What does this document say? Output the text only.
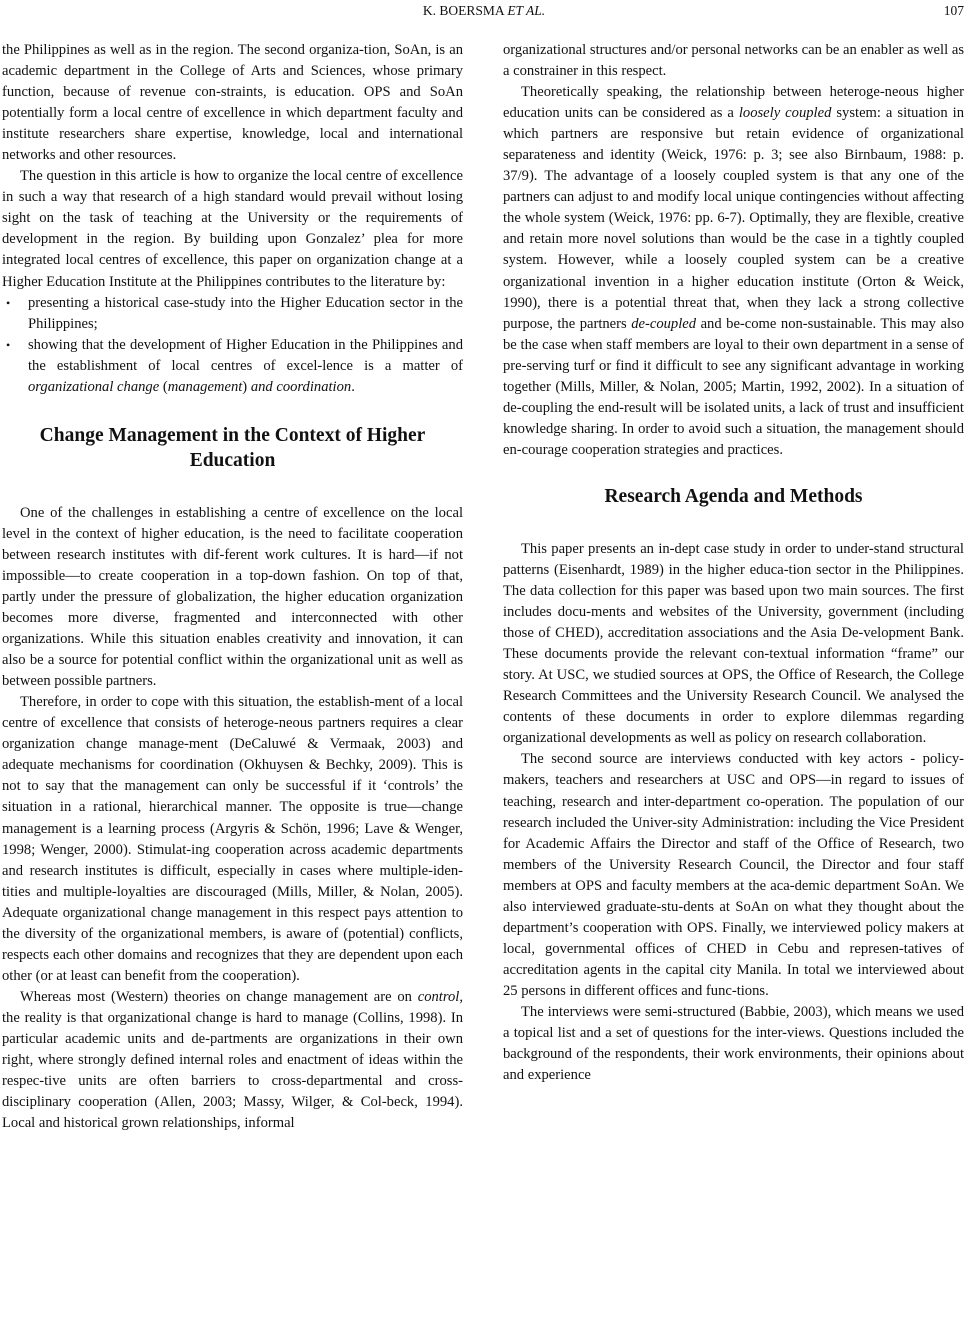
K. BOERSMA ET AL.	107

the Philippines as well as in the region. The second organiza-tion, SoAn, is an academic department in the College of Arts and Sciences, whose primary function, because of revenue con-straints, is education. OPS and SoAn potentially form a local centre of excellence in which department faculty and institute researchers share expertise, knowledge, local and international networks and other resources.

The question in this article is how to organize the local centre of excellence in such a way that research of a high standard would prevail without losing sight on the task of teaching at the University or the requirements of development in the region. By building upon Gonzalez’ plea for more integrated local centres of excellence, this paper on organization change at a Higher Education Institute at the Philippines contributes to the literature by:

• presenting a historical case-study into the Higher Education sector in the Philippines;
• showing that the development of Higher Education in the Philippines and the establishment of local centres of excel-lence is a matter of organizational change (management) and coordination.
Change Management in the Context of Higher Education

One of the challenges in establishing a centre of excellence on the local level in the context of higher education, is the need to facilitate cooperation between research institutes with dif-ferent work cultures. It is hard—if not impossible—to create cooperation in a top-down fashion. On top of that, partly under the pressure of globalization, the higher education organization becomes more diverse, fragmented and interconnected with other organizations. While this situation enables creativity and innovation, it can also be a source for potential conflict within the organizational unit as well as between possible partners.

Therefore, in order to cope with this situation, the establish-ment of a local centre of excellence that consists of heteroge-neous partners requires a clear organization change manage-ment (DeCaluwé & Vermaak, 2003) and adequate mechanisms for coordination (Okhuysen & Bechky, 2009). This is not to say that the management can only be successful if it ‘controls’ the situation in a rational, hierarchical manner. The opposite is true—change management is a learning process (Argyris & Schön, 1996; Lave & Wenger, 1998; Wenger, 2000). Stimulat-ing cooperation across academic departments and research institutes is difficult, especially in cases where multiple-iden-tities and multiple-loyalties are discouraged (Mills, Miller, & Nolan, 2005). Adequate organizational change management in this respect pays attention to the diversity of the organizational members, is aware of (potential) conflicts, respects each other domains and recognizes that they are dependent upon each other (or at least can benefit from the cooperation).

Whereas most (Western) theories on change management are on control, the reality is that organizational change is hard to manage (Collins, 1998). In particular academic units and de-partments are organizations in their own right, where strongly defined internal roles and enactment of ideas within the respec-tive units are often barriers to cross-departmental and cross-disciplinary cooperation (Allen, 2003; Massy, Wilger, & Col-beck, 1994). Local and historical grown relationships, informal

organizational structures and/or personal networks can be an enabler as well as a constrainer in this respect.

Theoretically speaking, the relationship between heteroge-neous higher education units can be considered as a loosely coupled system: a situation in which partners are responsive but retain evidence of organizational separateness and identity (Weick, 1976: p. 3; see also Birnbaum, 1988: p. 37/9). The advantage of a loosely coupled system is that any one of the partners can adjust to and modify local unique contingencies without affecting the whole system (Weick, 1976: pp. 6-7). Optimally, they are flexible, creative and retain more novel solutions than would be the case in a tightly coupled system. However, while a loosely coupled system can be a creative organizational invention in a higher education institute (Orton & Weick, 1990), there is a potential threat that, when they lack a strong collective purpose, the partners de-coupled and be-come non-sustainable. This may also be the case when staff members are loyal to their own department in a sense of pre-serving turf or find it difficult to see any significant advantage in working together (Mills, Miller, & Nolan, 2005; Martin, 1992, 2002). In a situation of de-coupling the end-result will be isolated units, a lack of trust and insufficient knowledge sharing. In order to avoid such a situation, the management should en-courage cooperation strategies and practices.

Research Agenda and Methods

This paper presents an in-dept case study in order to under-stand structural patterns (Eisenhardt, 1989) in the higher educa-tion sector in the Philippines. The data collection for this paper was based upon two main sources. The first includes docu-ments and websites of the University, government (including those of CHED), accreditation associations and the Asia De-velopment Bank. These documents provide the relevant con-textual information “frame” our story. At USC, we studied sources at OPS, the Office of Research, the College Research Committees and the University Research Council. We analysed the contents of these documents in order to explore dilemmas regarding organizational developments as well as policy on research collaboration.

The second source are interviews conducted with key actors - policy-makers, teachers and researchers at USC and OPS—in regard to issues of teaching, research and inter-department co-operation. The population of our research included the Univer-sity Administration: including the Vice President for Academic Affairs the Director and staff of the Office of Research, two members of the University Research Council, the Director and four staff members at OPS and faculty members at the aca-demic department SoAn. We also interviewed graduate-stu-dents at SoAn on what they thought about the department’s cooperation with OPS. Finally, we interviewed policy makers at local, governmental offices of CHED in Cebu and represen-tatives of accreditation agents in the capital city Manila. In total we interviewed about 25 persons in different offices and func-tions.

The interviews were semi-structured (Babbie, 2003), which means we used a topical list and a set of questions for the inter-views. Questions included the background of the respondents, their work environments, their opinions about and experience
